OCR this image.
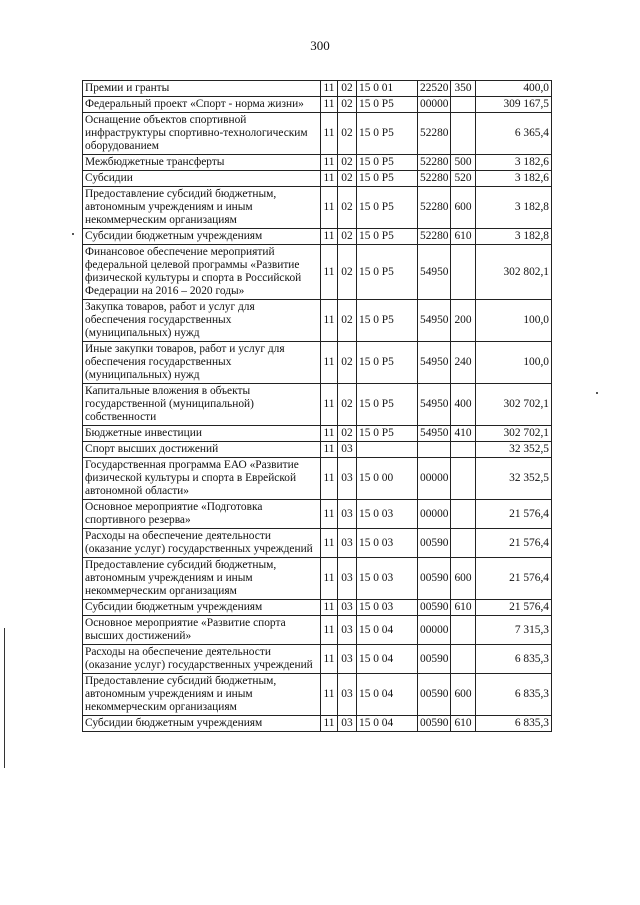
300
Премии и гранты	11	02	15 0 01	22520	350	400,0
Федеральный проект «Спорт - норма жизни»	11	02	15 0 Р5	00000		309 167,5
Оснащение объектов спортивной инфраструктуры спортивно-технологическим оборудованием	11	02	15 0 Р5	52280		6 365,4
Межбюджетные трансферты	11	02	15 0 Р5	52280	500	3 182,6
Субсидии	11	02	15 0 Р5	52280	520	3 182,6
Предоставление субсидий бюджетным, автономным учреждениям и иным некоммерческим организациям	11	02	15 0 Р5	52280	600	3 182,8
Субсидии бюджетным учреждениям	11	02	15 0 Р5	52280	610	3 182,8
Финансовое обеспечение мероприятий федеральной целевой программы «Развитие физической культуры и спорта в Российской Федерации на 2016 – 2020 годы»	11	02	15 0 Р5	54950		302 802,1
Закупка товаров, работ и услуг для обеспечения государственных (муниципальных) нужд	11	02	15 0 Р5	54950	200	100,0
Иные закупки товаров, работ и услуг для обеспечения государственных (муниципальных) нужд	11	02	15 0 Р5	54950	240	100,0
Капитальные вложения в объекты государственной (муниципальной) собственности	11	02	15 0 Р5	54950	400	302 702,1
Бюджетные инвестиции	11	02	15 0 Р5	54950	410	302 702,1
Спорт высших достижений	11	03				32 352,5
Государственная программа ЕАО «Развитие физической культуры и спорта в Еврейской автономной области»	11	03	15 0 00	00000		32 352,5
Основное мероприятие «Подготовка спортивного резерва»	11	03	15 0 03	00000		21 576,4
Расходы на обеспечение деятельности (оказание услуг) государственных учреждений	11	03	15 0 03	00590		21 576,4
Предоставление субсидий бюджетным, автономным учреждениям и иным некоммерческим организациям	11	03	15 0 03	00590	600	21 576,4
Субсидии бюджетным учреждениям	11	03	15 0 03	00590	610	21 576,4
Основное мероприятие «Развитие спорта высших достижений»	11	03	15 0 04	00000		7 315,3
Расходы на обеспечение деятельности (оказание услуг) государственных учреждений	11	03	15 0 04	00590		6 835,3
Предоставление субсидий бюджетным, автономным учреждениям и иным некоммерческим организациям	11	03	15 0 04	00590	600	6 835,3
Субсидии бюджетным учреждениям	11	03	15 0 04	00590	610	6 835,3
